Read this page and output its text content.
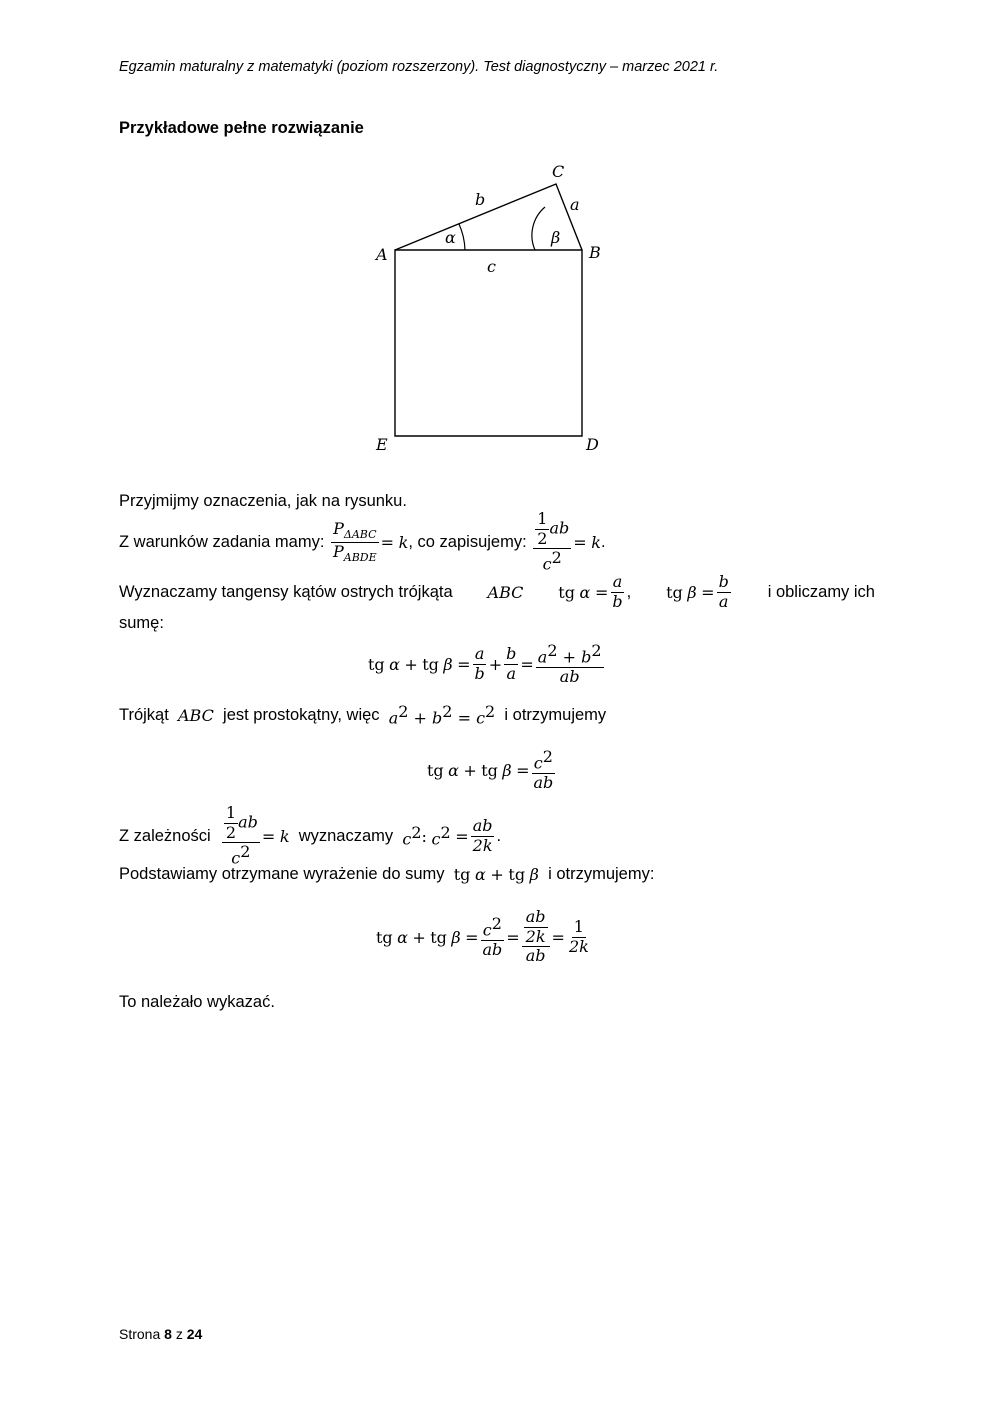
Egzamin maturalny z matematyki (poziom rozszerzony). Test diagnostyczny – marzec 2021 r.
Przykładowe pełne rozwiązanie
C
a
b
α	β
A	B
c
E	D
Przyjmijmy oznaczenia, jak na rysunku.
Z warunków zadania mamy:
$\frac{P_{\Delta ABC}}{P_{ABDE}}$ =
k , co zapisujemy:
$\frac{\frac{1}{2} ab}{c^2}$ =
k .
Wyznaczamy tangensy kątów ostrych trójkąta ABC tg
α
= $\frac{a}{b}$ , tg
β
= $\frac{b}{a}$ i obliczamy ich
sumę:
tg
α
+
tg
β
= $\frac{a}{b} + \frac{b}{a} = \frac{a^2 + b^2}{ab}$
Trójkąt
ABC
jest prostokątny, więc
$a^2 + b^2 = c^2$
i otrzymujemy
tg
α
+
tg
β
= $\frac{c^2}{ab}$
Z zależności
$\frac{\frac{1}{2} ab}{c^2}$ =
k
wyznaczamy
$c^2$ :
$c^2$
= $\frac{ab}{2k}$ .
Podstawiamy otrzymane wyrażenie do sumy
tg
α
+
tg
β
i otrzymujemy:
tg
α
+
tg
β
= $\frac{c^2}{ab} = \frac{\frac{ab}{2k}}{ab} = \frac{1}{2k}$
To należało wykazać.
Strona 8 z 24
